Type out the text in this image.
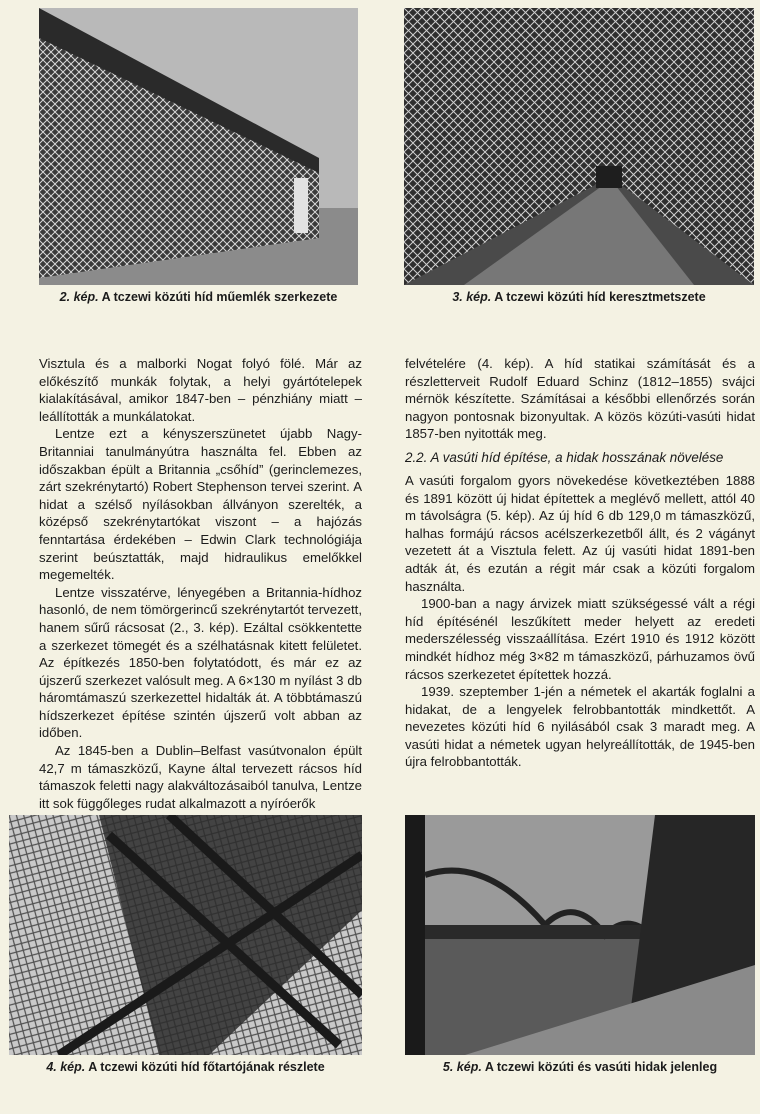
2. kép. A tczewi közúti híd műemlék szerkezete	3. kép. A tczewi közúti híd keresztmetszete

Visztula és a malborki Nogat folyó fölé. Már az előkészítő munkák folytak, a helyi gyártótelepek kialakításával, amikor 1847-ben – pénzhiány miatt – leállították a munkálatokat.

Lentze ezt a kényszerszünetet újabb Nagy-Britanniai tanulmányútra használta fel. Ebben az időszakban épült a Britannia „csőhíd” (gerinclemezes, zárt szekrénytartó) Robert Stephenson tervei szerint. A hidat a szélső nyílásokban állványon szerelték, a középső szekrénytartókat viszont – a hajózás fenntartása érdekében – Edwin Clark technológiája szerint beúsztatták, majd hidraulikus emelőkkel megemelték.

Lentze visszatérve, lényegében a Britannia-hídhoz hasonló, de nem tömörgerincű szekrénytartót tervezett, hanem sűrű rácsosat (2., 3. kép). Ezáltal csökkentette a szerkezet tömegét és a szélhatásnak kitett felületet. Az építkezés 1850-ben folytatódott, és már ez az újszerű szerkezet valósult meg. A 6×130 m nyílást 3 db háromtámaszú szerkezettel hidalták át. A többtámaszú hídszerkezet építése szintén újszerű volt abban az időben.

Az 1845-ben a Dublin–Belfast vasútvonalon épült 42,7 m támaszközű, Kayne által tervezett rácsos híd támaszok feletti nagy alakváltozásaiból tanulva, Lentze itt sok függőleges rudat alkalmazott a nyíróerők

felvételére (4. kép). A híd statikai számítását és a részletterveit Rudolf Eduard Schinz (1812–1855) svájci mérnök készítette. Számításai a későbbi ellenőrzés során nagyon pontosnak bizonyultak. A közös közúti-vasúti hidat 1857-ben nyitották meg.

2.2. A vasúti híd építése, a hidak hosszának növelése

A vasúti forgalom gyors növekedése következtében 1888 és 1891 között új hidat építettek a meglévő mellett, attól 40 m távolságra (5. kép). Az új híd 6 db 129,0 m támaszközű, halhas formájú rácsos acélszerkezetből állt, és 2 vágányt vezetett át a Visztula felett. Az új vasúti hidat 1891-ben adták át, és ezután a régit már csak a közúti forgalom használta.

1900-ban a nagy árvizek miatt szükségessé vált a régi híd építésénél leszűkített meder helyett az eredeti mederszélesség visszaállítása. Ezért 1910 és 1912 között mindkét hídhoz még 3×82 m támaszközű, párhuzamos övű rácsos szerkezetet építettek hozzá.

1939. szeptember 1-jén a németek el akarták foglalni a hidakat, de a lengyelek felrobbantották mindkettőt. A nevezetes közúti híd 6 nyilásából csak 3 maradt meg. A vasúti hidat a németek ugyan helyreállították, de 1945-ben újra felrobbantották.

4. kép. A tczewi közúti híd főtartójának részlete	5. kép. A tczewi közúti és vasúti hidak jelenleg
